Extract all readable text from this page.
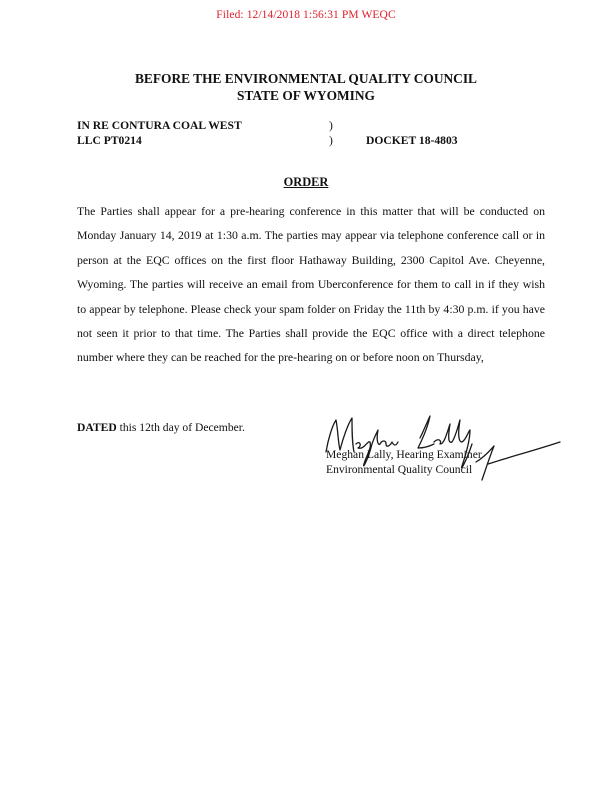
Filed: 12/14/2018 1:56:31 PM WEQC
BEFORE THE ENVIRONMENTAL QUALITY COUNCIL
STATE OF WYOMING
IN RE CONTURA COAL WEST
LLC PT0214
)
)	DOCKET 18-4803
ORDER
The Parties shall appear for a pre-hearing conference in this matter that will be conducted on
Monday January 14, 2019 at 1:30 a.m. The parties may appear via telephone conference call or in
person at the EQC offices on the first floor Hathaway Building, 2300 Capitol Ave. Cheyenne,
Wyoming. The parties will receive an email from Uberconference for them to call in if they wish
to appear by telephone. Please check your spam folder on Friday the 11th by 4:30 p.m. if you have
not seen it prior to that time. The Parties shall provide the EQC office with a direct telephone
number where they can be reached for the pre-hearing on or before noon on Thursday,
DATED this 12th day of December.
Meghan Lally, Hearing Examiner
Environmental Quality Council
